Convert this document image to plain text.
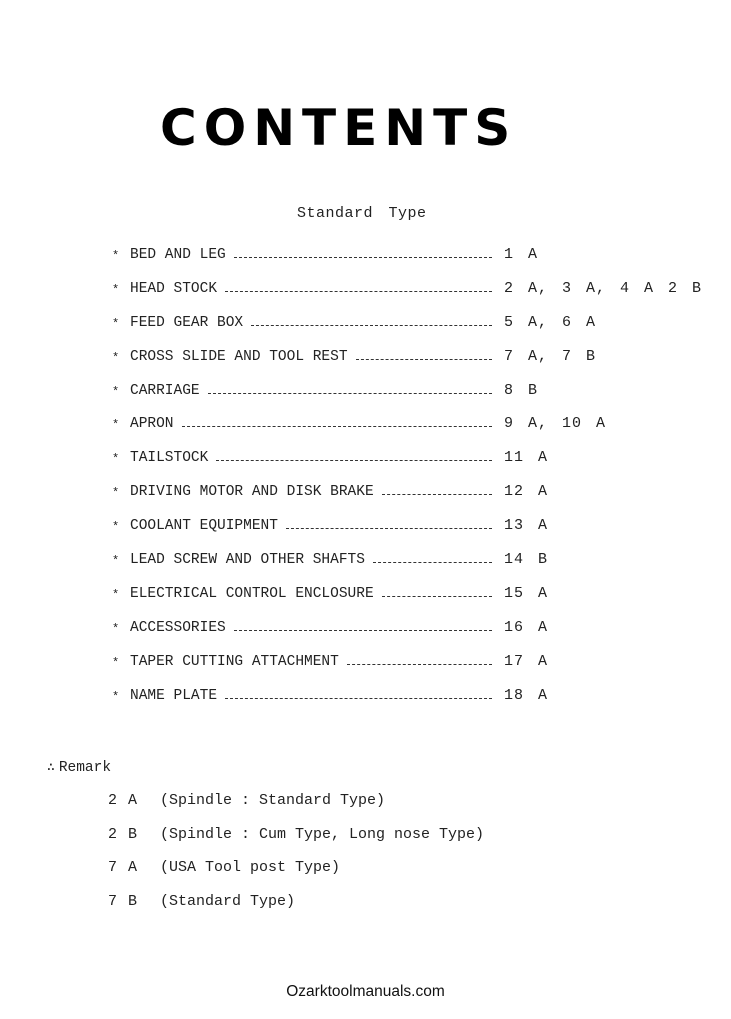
CONTENTS
Standard Type
* BED AND LEG	1 A
* HEAD STOCK	2 A, 3 A, 4 A 2 B
* FEED GEAR BOX	5 A, 6 A
* CROSS SLIDE AND TOOL REST	7 A, 7 B
* CARRIAGE	8 B
* APRON	9 A, 10 A
* TAILSTOCK	11 A
* DRIVING MOTOR AND DISK BRAKE	12 A
* COOLANT EQUIPMENT	13 A
* LEAD SCREW AND OTHER SHAFTS	14 B
* ELECTRICAL CONTROL ENCLOSURE	15 A
* ACCESSORIES	16 A
* TAPER CUTTING ATTACHMENT	17 A
* NAME PLATE	18 A
∴ Remark
2 A	(Spindle : Standard Type)
2 B	(Spindle : Cum Type, Long nose Type)
7 A	(USA Tool post Type)
7 B	(Standard Type)
Ozarktoolmanuals.com
